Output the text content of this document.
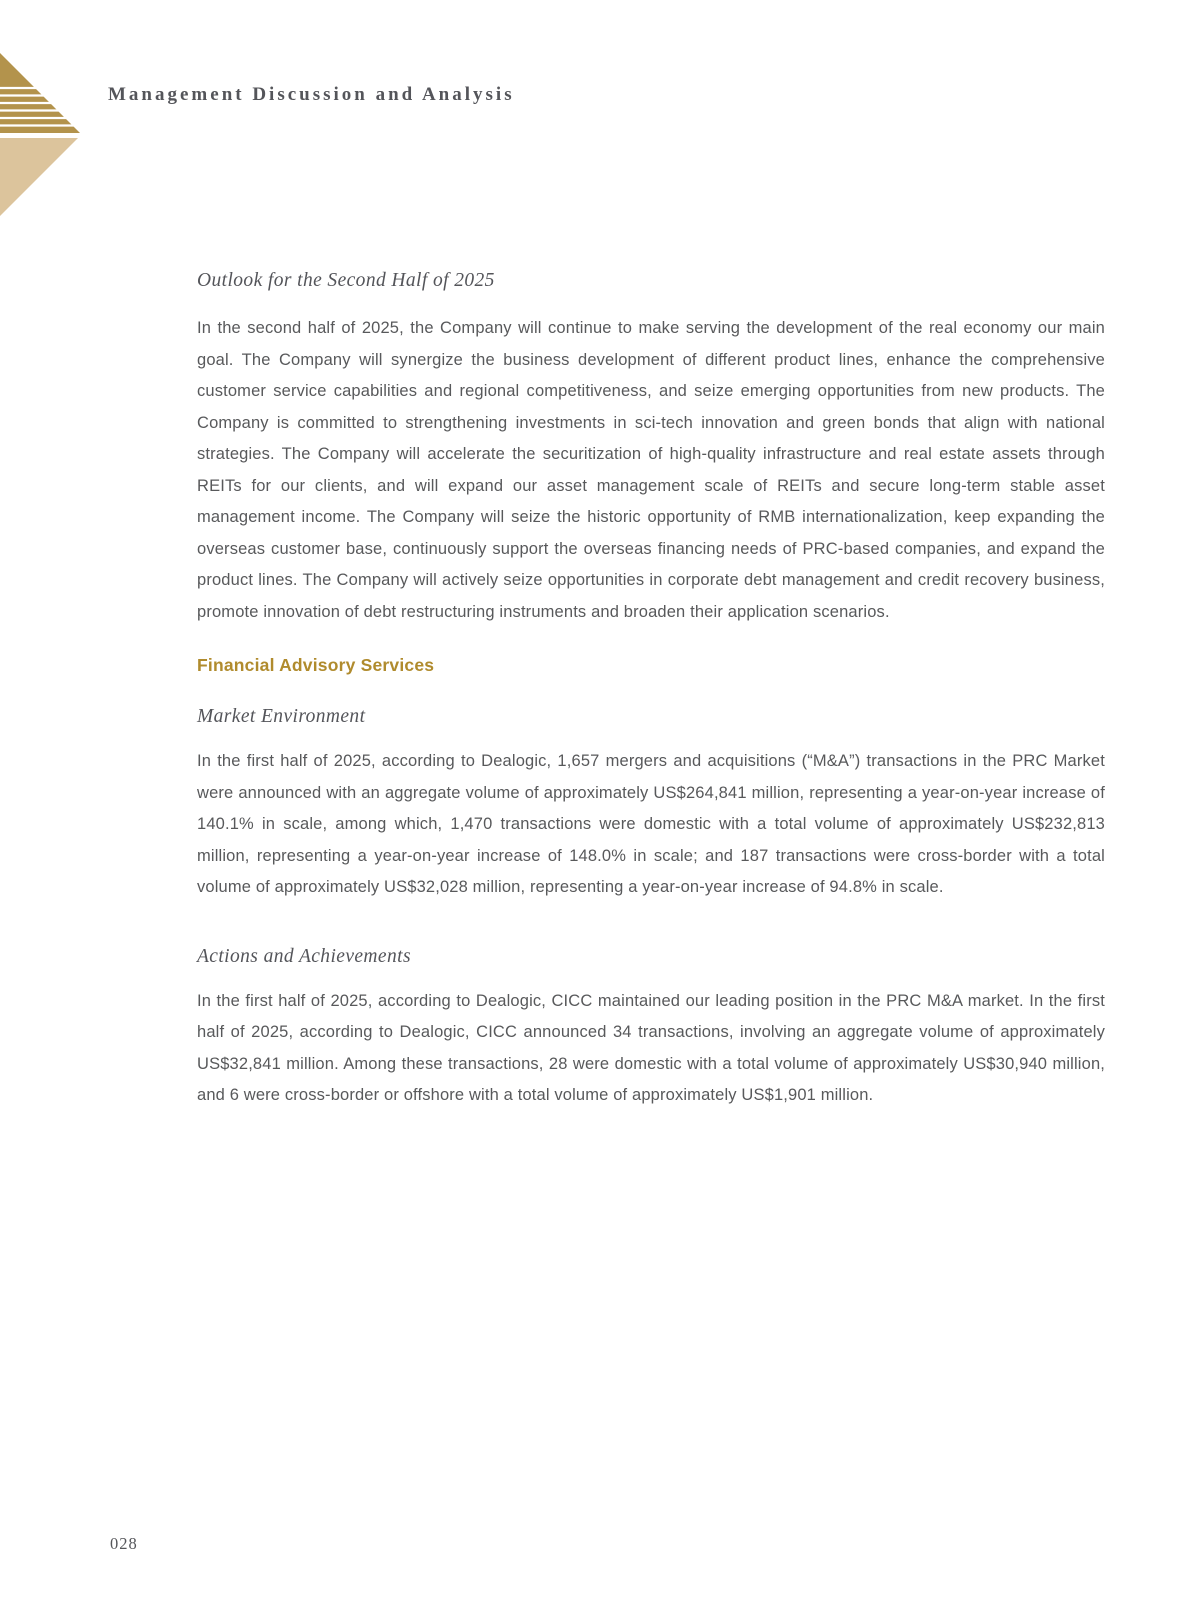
Management Discussion and Analysis
Outlook for the Second Half of 2025

In the second half of 2025, the Company will continue to make serving the development of the real economy our main goal. The Company will synergize the business development of different product lines, enhance the comprehensive customer service capabilities and regional competitiveness, and seize emerging opportunities from new products. The Company is committed to strengthening investments in sci-tech innovation and green bonds that align with national strategies. The Company will accelerate the securitization of high-quality infrastructure and real estate assets through REITs for our clients, and will expand our asset management scale of REITs and secure long-term stable asset management income. The Company will seize the historic opportunity of RMB internationalization, keep expanding the overseas customer base, continuously support the overseas financing needs of PRC-based companies, and expand the product lines. The Company will actively seize opportunities in corporate debt management and credit recovery business, promote innovation of debt restructuring instruments and broaden their application scenarios.

Financial Advisory Services
Market Environment

In the first half of 2025, according to Dealogic, 1,657 mergers and acquisitions (“M&A”) transactions in the PRC Market were announced with an aggregate volume of approximately US$264,841 million, representing a year-on-year increase of 140.1% in scale, among which, 1,470 transactions were domestic with a total volume of approximately US$232,813 million, representing a year-on-year increase of 148.0% in scale; and 187 transactions were cross-border with a total volume of approximately US$32,028 million, representing a year-on-year increase of 94.8% in scale.

Actions and Achievements

In the first half of 2025, according to Dealogic, CICC maintained our leading position in the PRC M&A market. In the first half of 2025, according to Dealogic, CICC announced 34 transactions, involving an aggregate volume of approximately US$32,841 million. Among these transactions, 28 were domestic with a total volume of approximately US$30,940 million, and 6 were cross-border or offshore with a total volume of approximately US$1,901 million.

028
